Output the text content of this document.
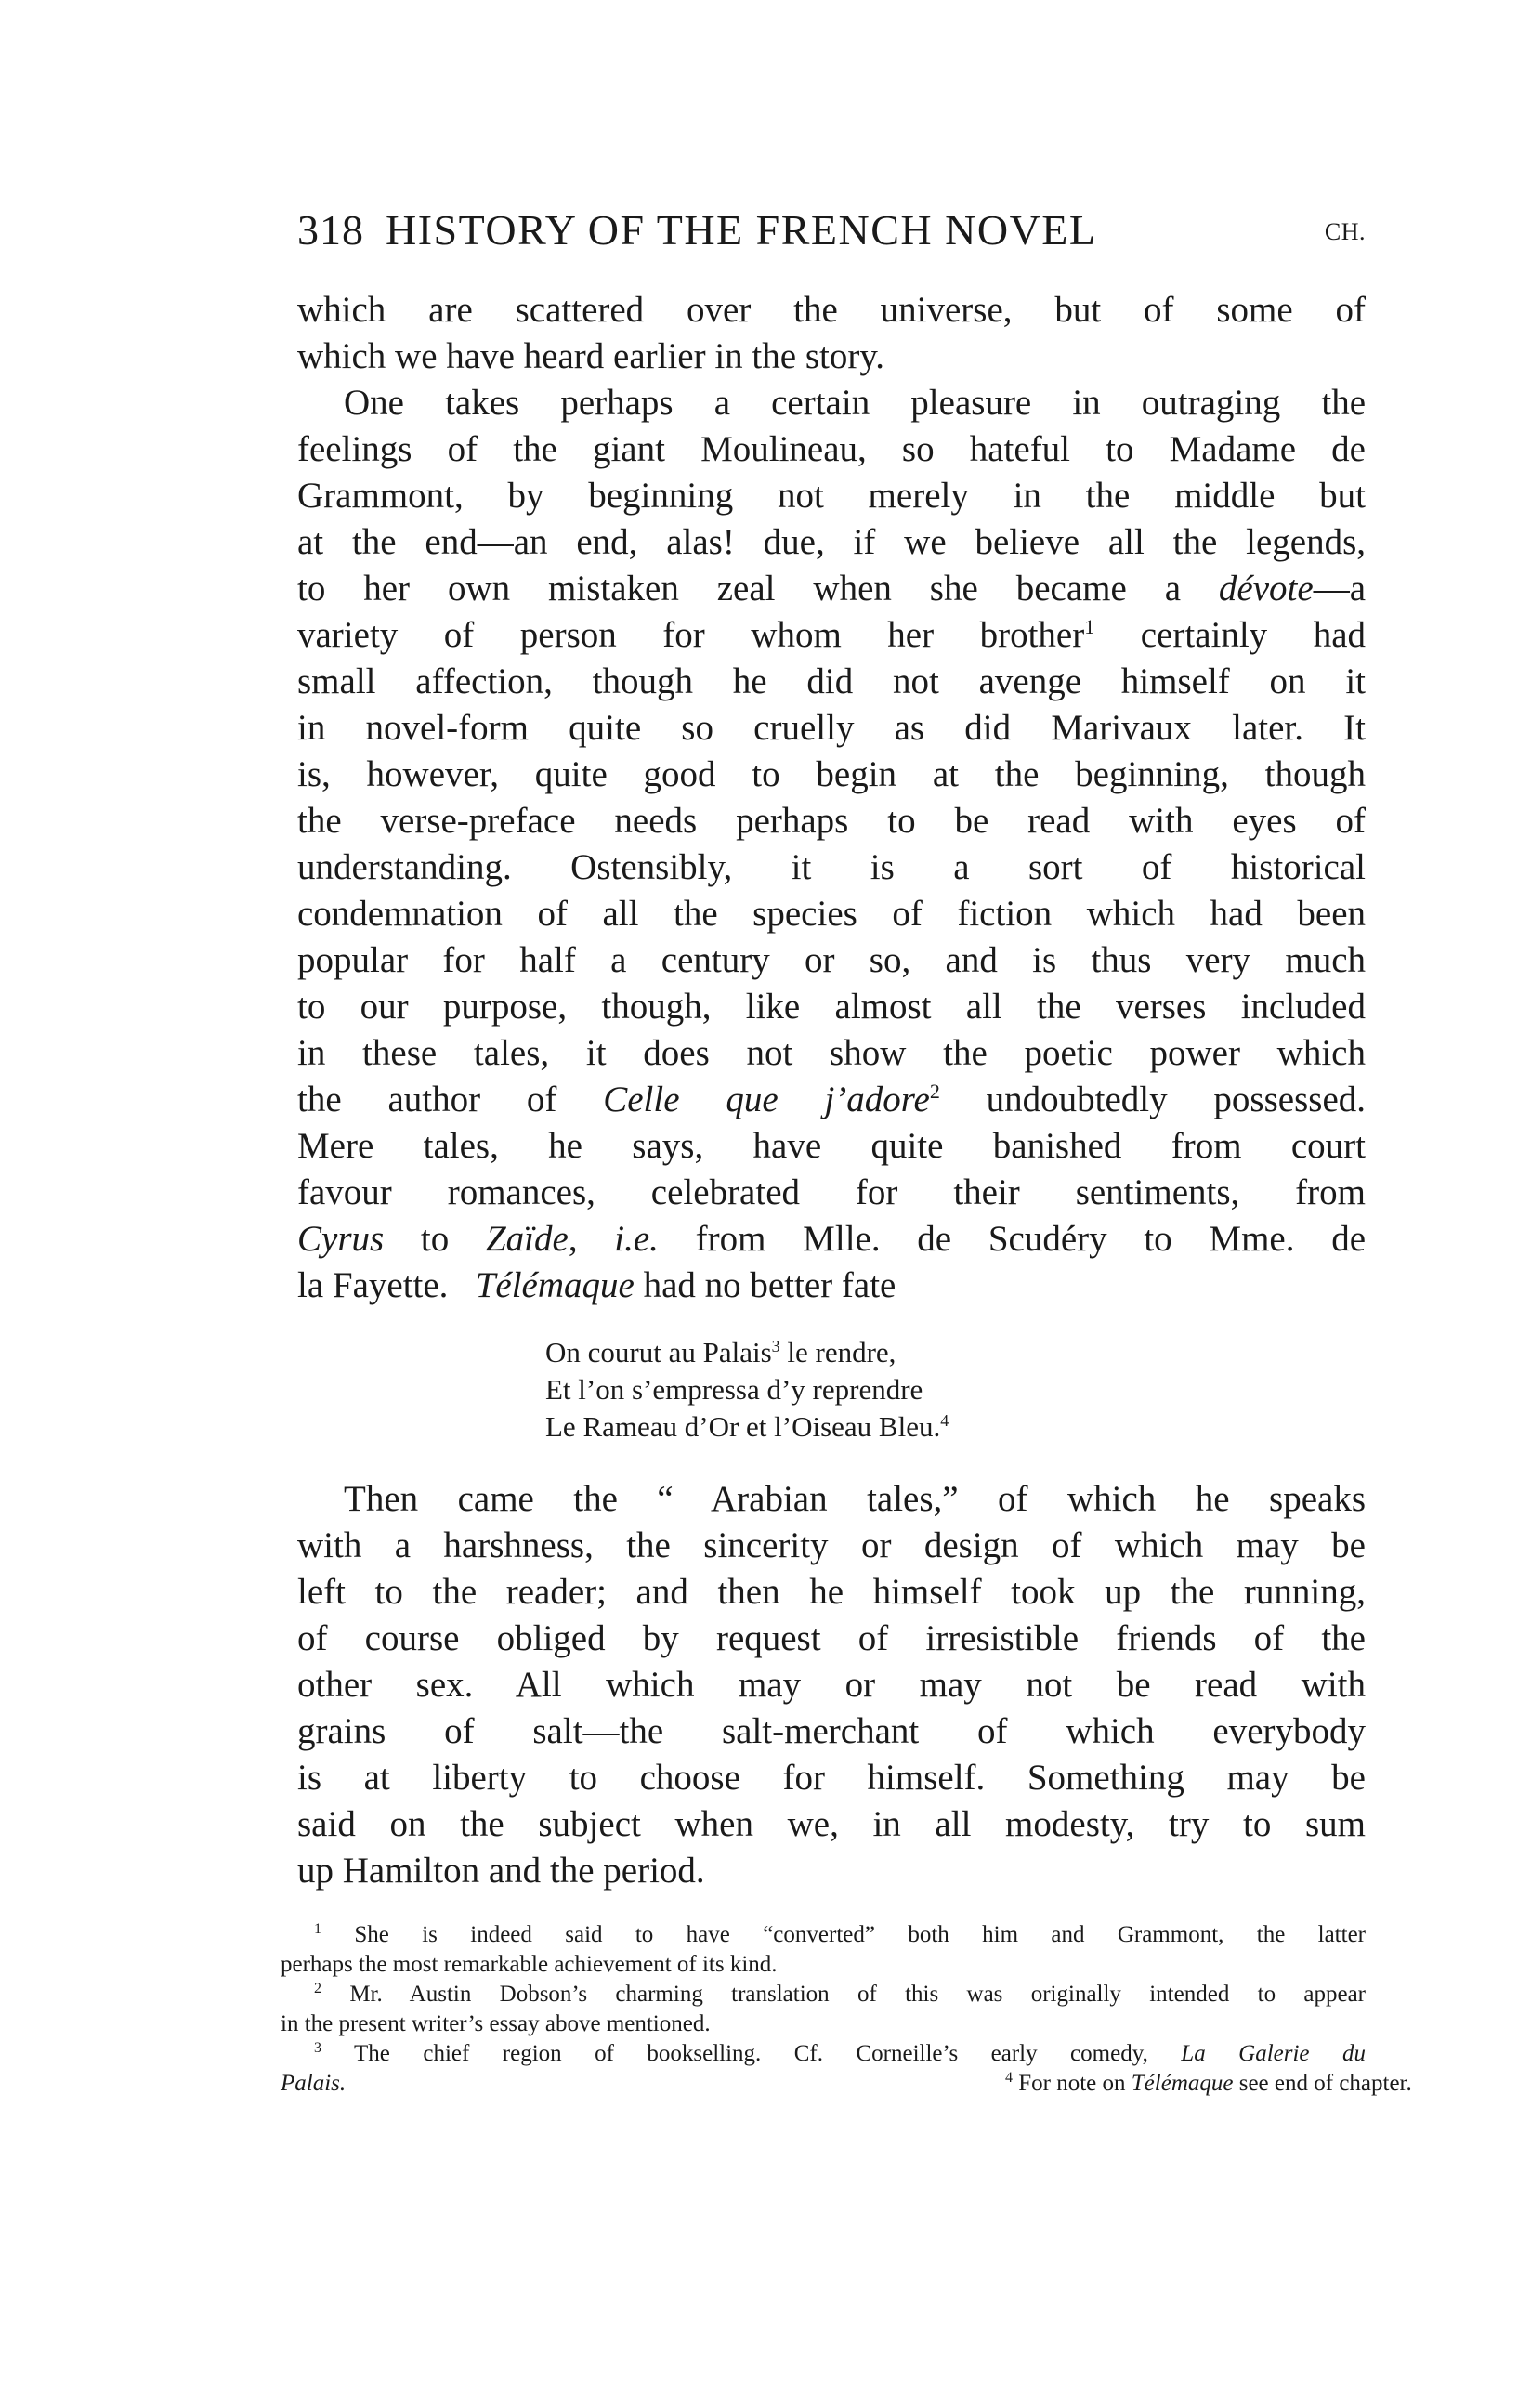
318 HISTORY OF THE FRENCH NOVEL	CH.
which are scattered over the universe, but of some of
which we have heard earlier in the story.
One takes perhaps a certain pleasure in outraging the
feelings of the giant Moulineau, so hateful to Madame de
Grammont, by beginning not merely in the middle but
at the end—an end, alas! due, if we believe all the legends,
to her own mistaken zeal when she became a dévote—a
variety of person for whom her brother$^1$ certainly had
small affection, though he did not avenge himself on it
in novel-form quite so cruelly as did Marivaux later. It
is, however, quite good to begin at the beginning, though
the verse-preface needs perhaps to be read with eyes of
understanding. Ostensibly, it is a sort of historical
condemnation of all the species of fiction which had been
popular for half a century or so, and is thus very much
to our purpose, though, like almost all the verses included
in these tales, it does not show the poetic power which
the author of Celle que j’adore$^2$ undoubtedly possessed.
Mere tales, he says, have quite banished from court
favour romances, celebrated for their sentiments, from
Cyrus to Zaïde, i.e. from Mlle. de Scudéry to Mme. de
la Fayette.   Télémaque had no better fate
On courut au Palais$^3$ le rendre,
Et l’on s’empressa d’y reprendre
Le Rameau d’Or et l’Oiseau Bleu.$^4$
Then came the “ Arabian tales,” of which he speaks
with a harshness, the sincerity or design of which may be
left to the reader; and then he himself took up the running,
of course obliged by request of irresistible friends of the
other sex. All which may or may not be read with
grains of salt—the salt-merchant of which everybody
is at liberty to choose for himself. Something may be
said on the subject when we, in all modesty, try to sum
up Hamilton and the period.
$^1$ She is indeed said to have “converted” both him and Grammont, the latter
perhaps the most remarkable achievement of its kind.
$^2$ Mr. Austin Dobson’s charming translation of this was originally intended to appear
in the present writer’s essay above mentioned.
$^3$ The chief region of bookselling. Cf. Corneille’s early comedy, La Galerie du
Palais.	$^4$ For note on Télémaque see end of chapter.
